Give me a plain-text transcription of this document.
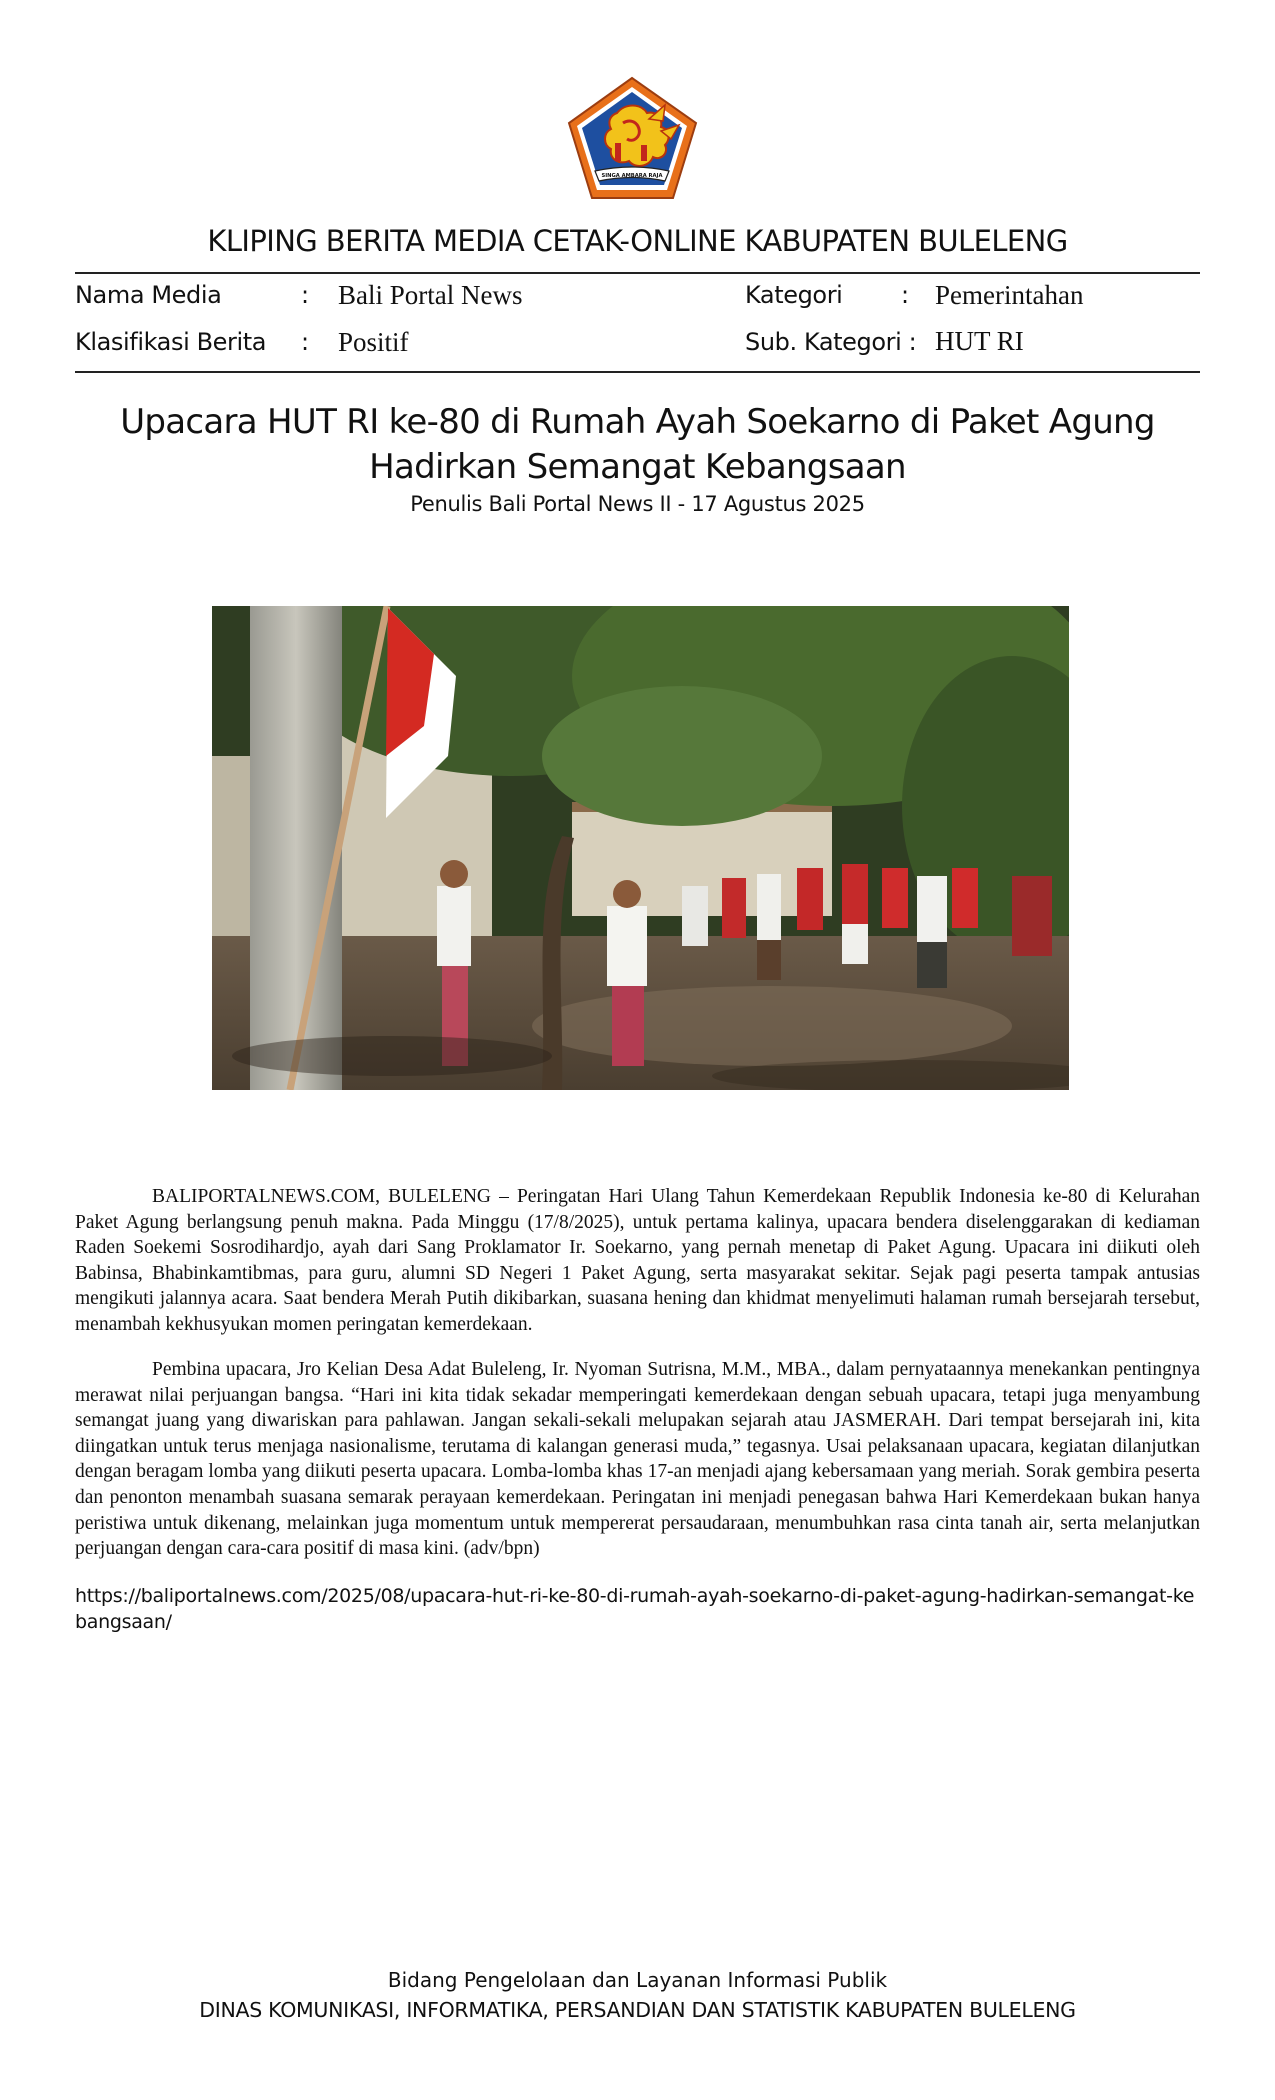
SINGA AMBARA RAJA
KLIPING BERITA MEDIA CETAK-ONLINE KABUPATEN BULELENG
Nama Media	: Bali Portal News
Klasifikasi Berita : Positif
Kategori : Pemerintahan
Sub. Kategori : HUT RI
Upacara HUT RI ke-80 di Rumah Ayah Soekarno di Paket Agung
Hadirkan Semangat Kebangsaan
Penulis Bali Portal News II - 17 Agustus 2025

BALIPORTALNEWS.COM, BULELENG – Peringatan Hari Ulang Tahun Kemerdekaan Republik Indonesia ke-80 di Kelurahan Paket Agung berlangsung penuh makna. Pada Minggu (17/8/2025), untuk pertama kalinya, upacara bendera diselenggarakan di kediaman Raden Soekemi Sosrodihardjo, ayah dari Sang Proklamator Ir. Soekarno, yang pernah menetap di Paket Agung. Upacara ini diikuti oleh Babinsa, Bhabinkamtibmas, para guru, alumni SD Negeri 1 Paket Agung, serta masyarakat sekitar. Sejak pagi peserta tampak antusias mengikuti jalannya acara. Saat bendera Merah Putih dikibarkan, suasana hening dan khidmat menyelimuti halaman rumah bersejarah tersebut, menambah kekhusyukan momen peringatan kemerdekaan.

Pembina upacara, Jro Kelian Desa Adat Buleleng, Ir. Nyoman Sutrisna, M.M., MBA., dalam pernyataannya menekankan pentingnya merawat nilai perjuangan bangsa. “Hari ini kita tidak sekadar memperingati kemerdekaan dengan sebuah upacara, tetapi juga menyambung semangat juang yang diwariskan para pahlawan. Jangan sekali-sekali melupakan sejarah atau JASMERAH. Dari tempat bersejarah ini, kita diingatkan untuk terus menjaga nasionalisme, terutama di kalangan generasi muda,” tegasnya. Usai pelaksanaan upacara, kegiatan dilanjutkan dengan beragam lomba yang diikuti peserta upacara. Lomba-lomba khas 17-an menjadi ajang kebersamaan yang meriah. Sorak gembira peserta dan penonton menambah suasana semarak perayaan kemerdekaan. Peringatan ini menjadi penegasan bahwa Hari Kemerdekaan bukan hanya peristiwa untuk dikenang, melainkan juga momentum untuk mempererat persaudaraan, menumbuhkan rasa cinta tanah air, serta melanjutkan perjuangan dengan cara-cara positif di masa kini. (adv/bpn)

https://baliportalnews.com/2025/08/upacara-hut-ri-ke-80-di-rumah-ayah-soekarno-di-paket-agung-hadirkan-semangat-kebangsaan/

Bidang Pengelolaan dan Layanan Informasi Publik
DINAS KOMUNIKASI, INFORMATIKA, PERSANDIAN DAN STATISTIK KABUPATEN BULELENG
